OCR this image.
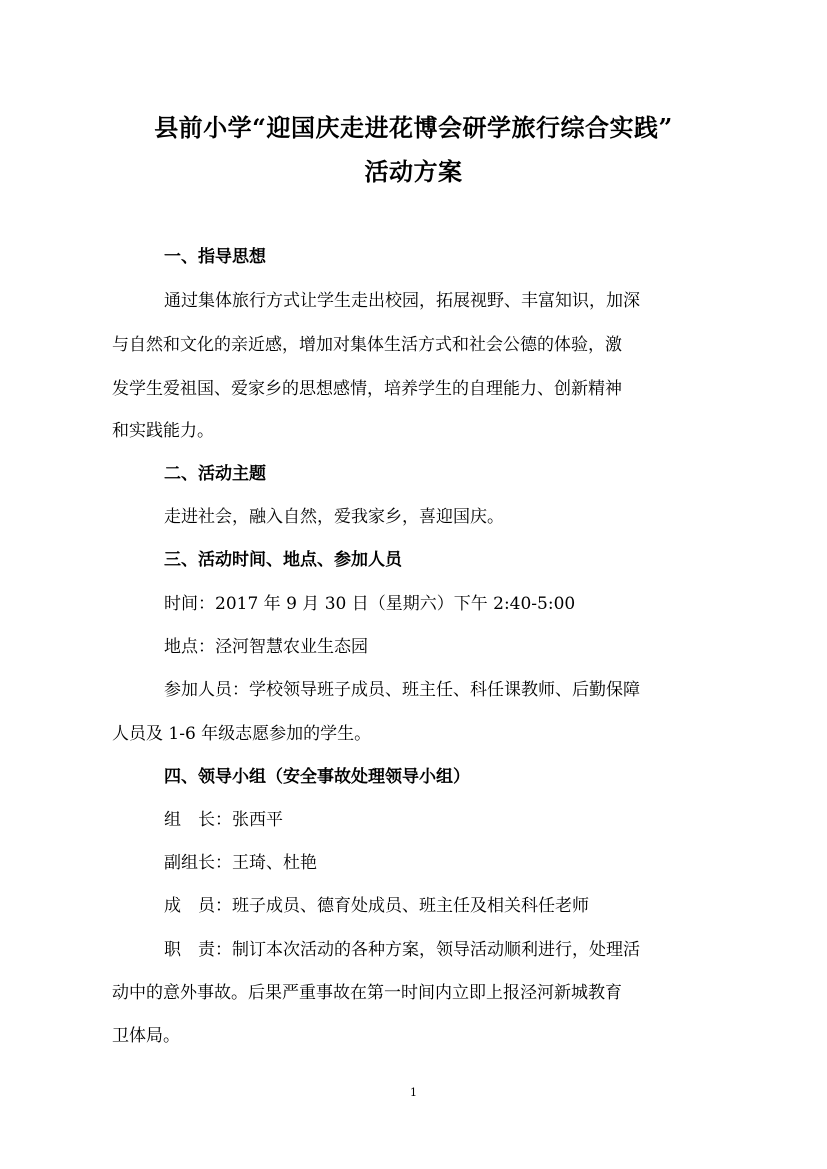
县前小学“迎国庆走进花博会研学旅行综合实践”
活动方案
一、指导思想
通过集体旅行方式让学生走出校园，拓展视野、丰富知识，加深
与自然和文化的亲近感，增加对集体生活方式和社会公德的体验，激
发学生爱祖国、爱家乡的思想感情，培养学生的自理能力、创新精神
和实践能力。
二、活动主题
走进社会，融入自然，爱我家乡，喜迎国庆。
三、活动时间、地点、参加人员
时间：2017 年 9 月 30 日（星期六）下午 2:40-5:00
地点：泾河智慧农业生态园
参加人员：学校领导班子成员、班主任、科任课教师、后勤保障
人员及 1-6 年级志愿参加的学生。
四、领导小组（安全事故处理领导小组）
组　长：张西平
副组长：王琦、杜艳
成　员：班子成员、德育处成员、班主任及相关科任老师
职　责：制订本次活动的各种方案，领导活动顺利进行，处理活
动中的意外事故。后果严重事故在第一时间内立即上报泾河新城教育
卫体局。
1
